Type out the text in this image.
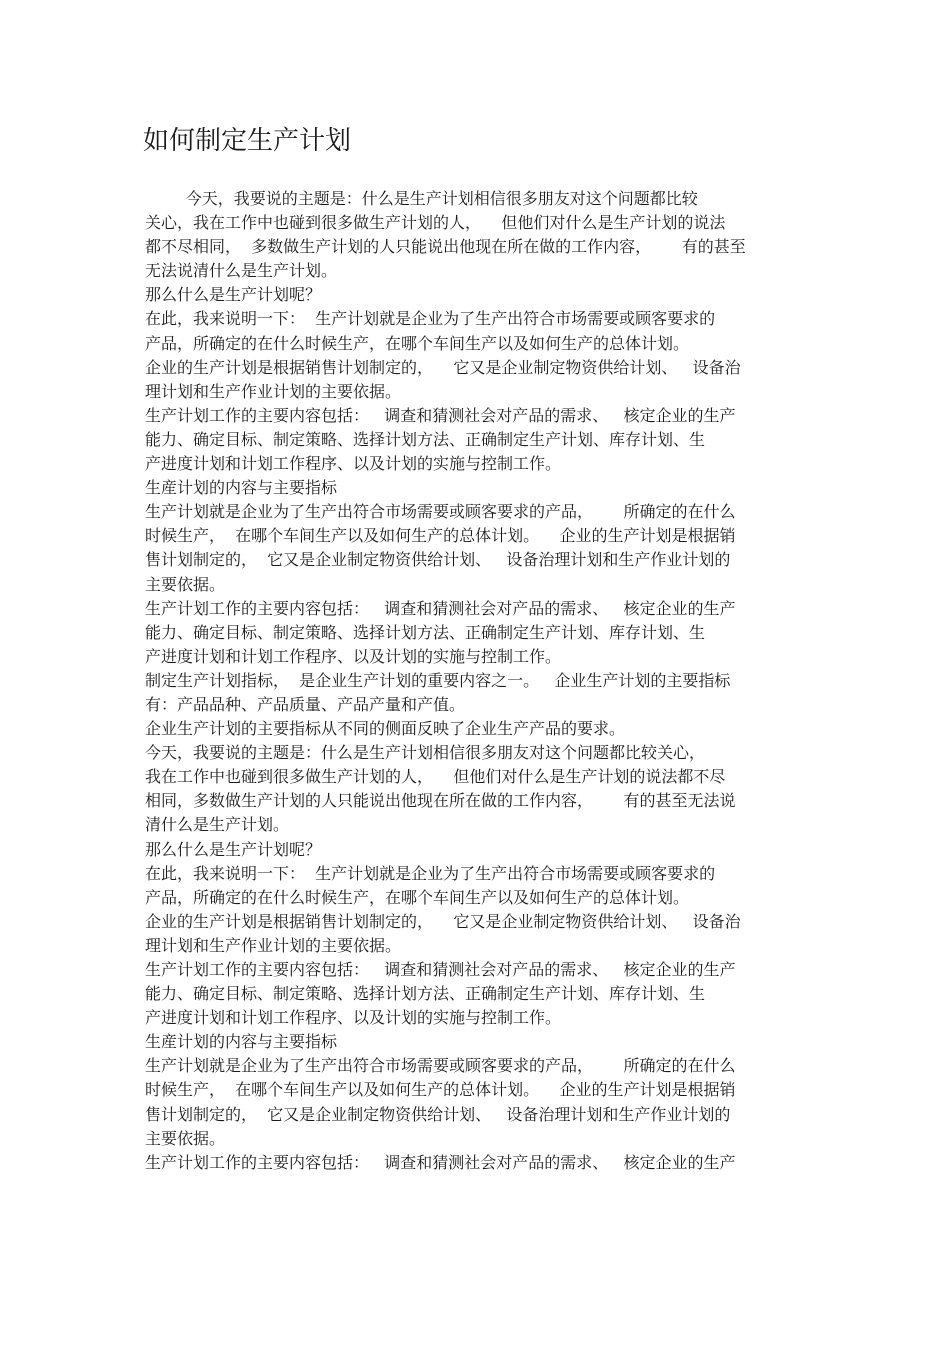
如何制定生产计划
今天，我要说的主题是：什么是生产计划相信很多朋友对这个问题都比较
关心，我在工作中也碰到很多做生产计划的人，    但他们对什么是生产计划的说法
都不尽相同，  多数做生产计划的人只能说出他现在所在做的工作内容，      有的甚至
无法说清什么是生产计划。
那么什么是生产计划呢？
在此，我来说明一下：  生产计划就是企业为了生产出符合市场需要或顾客要求的
产品，所确定的在什么时候生产，在哪个车间生产以及如何生产的总体计划。
企业的生产计划是根据销售计划制定的，    它又是企业制定物资供给计划、   设备治
理计划和生产作业计划的主要依据。
生产计划工作的主要内容包括：   调查和猜测社会对产品的需求、   核定企业的生产
能力、确定目标、制定策略、选择计划方法、正确制定生产计划、库存计划、生
产进度计划和计划工作程序、以及计划的实施与控制工作。
生産计划的内容与主要指标
生产计划就是企业为了生产出符合市场需要或顾客要求的产品，      所确定的在什么
时候生产，  在哪个车间生产以及如何生产的总体计划。    企业的生产计划是根据销
售计划制定的，  它又是企业制定物资供给计划、   设备治理计划和生产作业计划的
主要依据。
生产计划工作的主要内容包括：   调查和猜测社会对产品的需求、   核定企业的生产
能力、确定目标、制定策略、选择计划方法、正确制定生产计划、库存计划、生
产进度计划和计划工作程序、以及计划的实施与控制工作。
制定生产计划指标，  是企业生产计划的重要内容之一。   企业生产计划的主要指标
有：产品品种、产品质量、产品产量和产值。
企业生产计划的主要指标从不同的侧面反映了企业生产产品的要求。
今天，我要说的主题是：什么是生产计划相信很多朋友对这个问题都比较关心，
我在工作中也碰到很多做生产计划的人，    但他们对什么是生产计划的说法都不尽
相同，多数做生产计划的人只能说出他现在所在做的工作内容，      有的甚至无法说
清什么是生产计划。
那么什么是生产计划呢？
在此，我来说明一下：  生产计划就是企业为了生产出符合市场需要或顾客要求的
产品，所确定的在什么时候生产，在哪个车间生产以及如何生产的总体计划。
企业的生产计划是根据销售计划制定的，    它又是企业制定物资供给计划、   设备治
理计划和生产作业计划的主要依据。
生产计划工作的主要内容包括：   调查和猜测社会对产品的需求、   核定企业的生产
能力、确定目标、制定策略、选择计划方法、正确制定生产计划、库存计划、生
产进度计划和计划工作程序、以及计划的实施与控制工作。
生産计划的内容与主要指标
生产计划就是企业为了生产出符合市场需要或顾客要求的产品，      所确定的在什么
时候生产，  在哪个车间生产以及如何生产的总体计划。    企业的生产计划是根据销
售计划制定的，  它又是企业制定物资供给计划、   设备治理计划和生产作业计划的
主要依据。
生产计划工作的主要内容包括：   调查和猜测社会对产品的需求、   核定企业的生产
